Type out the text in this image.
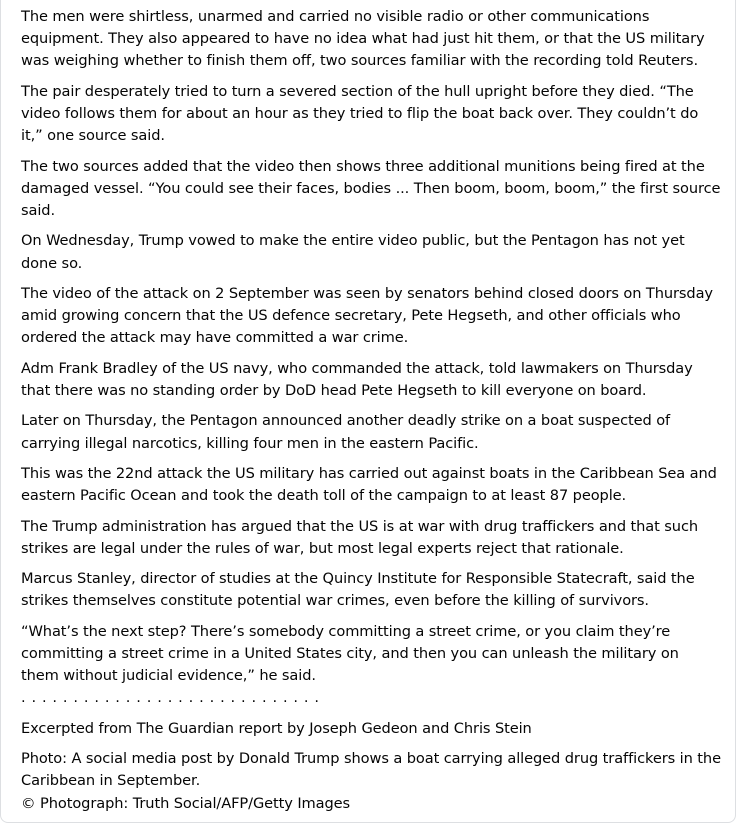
The men were shirtless, unarmed and carried no visible radio or other communications equipment. They also appeared to have no idea what had just hit them, or that the US military was weighing whether to finish them off, two sources familiar with the recording told Reuters.

The pair desperately tried to turn a severed section of the hull upright before they died. “The video follows them for about an hour as they tried to flip the boat back over. They couldn’t do it,” one source said.

The two sources added that the video then shows three additional munitions being fired at the damaged vessel. “You could see their faces, bodies ... Then boom, boom, boom,” the first source said.

On Wednesday, Trump vowed to make the entire video public, but the Pentagon has not yet done so.

The video of the attack on 2 September was seen by senators behind closed doors on Thursday amid growing concern that the US defence secretary, Pete Hegseth, and other officials who ordered the attack may have committed a war crime.

Adm Frank Bradley of the US navy, who commanded the attack, told lawmakers on Thursday that there was no standing order by DoD head Pete Hegseth to kill everyone on board.

Later on Thursday, the Pentagon announced another deadly strike on a boat suspected of carrying illegal narcotics, killing four men in the eastern Pacific.

This was the 22nd attack the US military has carried out against boats in the Caribbean Sea and eastern Pacific Ocean and took the death toll of the campaign to at least 87 people.

The Trump administration has argued that the US is at war with drug traffickers and that such strikes are legal under the rules of war, but most legal experts reject that rationale.

Marcus Stanley, director of studies at the Quincy Institute for Responsible Statecraft, said the strikes themselves constitute potential war crimes, even before the killing of survivors.

“What’s the next step? There’s somebody committing a street crime, or you claim they’re committing a street crime in a United States city, and then you can unleash the military on them without judicial evidence,” he said.

. . . . . . . . . . . . . . . . . . . . . . . . . . . . .

Excerpted from The Guardian report by Joseph Gedeon and Chris Stein

Photo: A social media post by Donald Trump shows a boat carrying alleged drug traffickers in the Caribbean in September.

© Photograph: Truth Social/AFP/Getty Images
